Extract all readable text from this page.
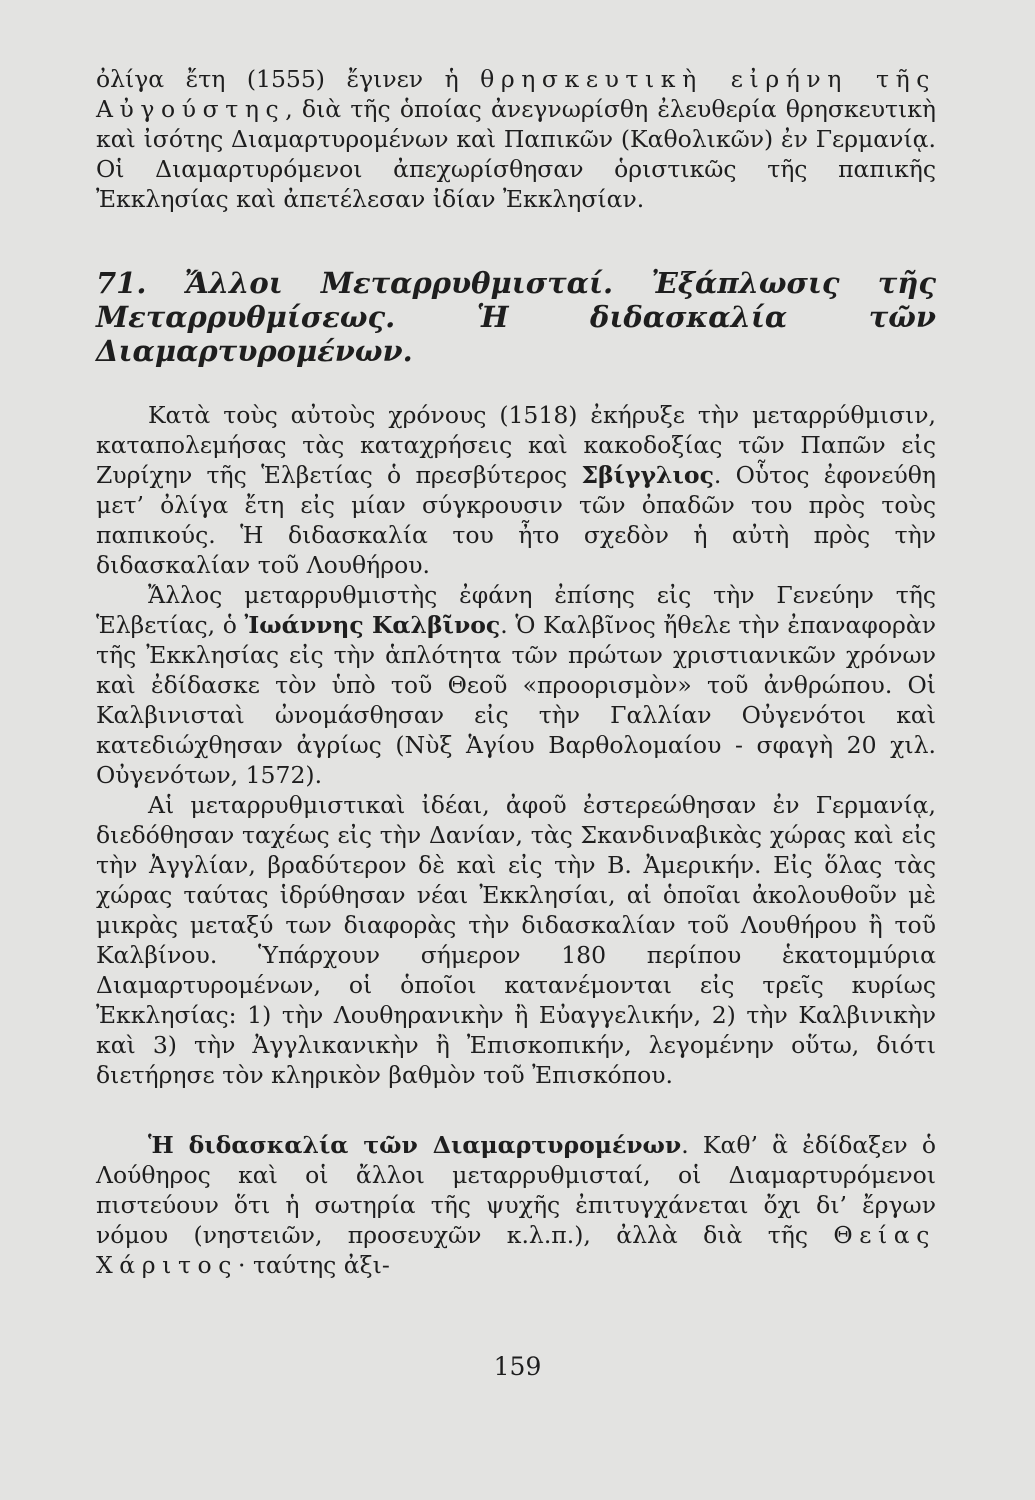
ὀλίγα ἔτη (1555) ἔγινεν ἡ θρησκευτικὴ εἰρήνη τῆς Αὐγούστης, διὰ τῆς ὁποίας ἀνεγνωρίσθη ἐλευθερία θρησκευτικὴ καὶ ἰσότης Διαμαρτυρομένων καὶ Παπικῶν (Καθολικῶν) ἐν Γερμανίᾳ. Οἱ Διαμαρτυρόμενοι ἀπεχωρίσθησαν ὁριστικῶς τῆς παπικῆς Ἐκκλησίας καὶ ἀπετέλεσαν ἰδίαν Ἐκκλησίαν.

71. Ἄλλοι Μεταρρυθμισταί. Ἐξάπλωσις τῆς Μεταρρυθμίσεως. Ἡ διδασκαλία τῶν Διαμαρτυρομένων.

Κατὰ τοὺς αὐτοὺς χρόνους (1518) ἐκήρυξε τὴν μεταρρύθμισιν, καταπολεμήσας τὰς καταχρήσεις καὶ κακοδοξίας τῶν Παπῶν εἰς Ζυρίχην τῆς Ἑλβετίας ὁ πρεσβύτερος Σβίγγλιος. Οὗτος ἐφονεύθη μετ’ ὀλίγα ἔτη εἰς μίαν σύγκρουσιν τῶν ὀπαδῶν του πρὸς τοὺς παπικούς. Ἡ διδασκαλία του ἦτο σχεδὸν ἡ αὐτὴ πρὸς τὴν διδασκαλίαν τοῦ Λουθήρου.

Ἄλλος μεταρρυθμιστὴς ἐφάνη ἐπίσης εἰς τὴν Γενεύην τῆς Ἑλβετίας, ὁ Ἰωάννης Καλβῖνος. Ὁ Καλβῖνος ἤθελε τὴν ἐπαναφορὰν τῆς Ἐκκλησίας εἰς τὴν ἁπλότητα τῶν πρώτων χριστιανικῶν χρόνων καὶ ἐδίδασκε τὸν ὑπὸ τοῦ Θεοῦ «προορισμὸν» τοῦ ἀνθρώπου. Οἱ Καλβινισταὶ ὠνομάσθησαν εἰς τὴν Γαλλίαν Οὐγενότοι καὶ κατεδιώχθησαν ἀγρίως (Νὺξ Ἁγίου Βαρθολομαίου - σφαγὴ 20 χιλ. Οὐγενότων, 1572).

Αἱ μεταρρυθμιστικαὶ ἰδέαι, ἀφοῦ ἐστερεώθησαν ἐν Γερμανίᾳ, διεδόθησαν ταχέως εἰς τὴν Δανίαν, τὰς Σκανδιναβικὰς χώρας καὶ εἰς τὴν Ἀγγλίαν, βραδύτερον δὲ καὶ εἰς τὴν Β. Ἀμερικήν. Εἰς ὅλας τὰς χώρας ταύτας ἱδρύθησαν νέαι Ἐκκλησίαι, αἱ ὁποῖαι ἀκολουθοῦν μὲ μικρὰς μεταξύ των διαφορὰς τὴν διδασκαλίαν τοῦ Λουθήρου ἢ τοῦ Καλβίνου. Ὑπάρχουν σήμερον 180 περίπου ἑκατομμύρια Διαμαρτυρομένων, οἱ ὁποῖοι κατανέμονται εἰς τρεῖς κυρίως Ἐκκλησίας: 1) τὴν Λουθηρανικὴν ἢ Εὐαγγελικήν, 2) τὴν Καλβινικὴν καὶ 3) τὴν Ἀγγλικανικὴν ἢ Ἐπισκοπικήν, λεγομένην οὕτω, διότι διετήρησε τὸν κληρικὸν βαθμὸν τοῦ Ἐπισκόπου.

Ἡ διδασκαλία τῶν Διαμαρτυρομένων. Καθ’ ἃ ἐδίδαξεν ὁ Λούθηρος καὶ οἱ ἄλλοι μεταρρυθμισταί, οἱ Διαμαρτυρόμενοι πιστεύουν ὅτι ἡ σωτηρία τῆς ψυχῆς ἐπιτυγχάνεται ὄχι δι’ ἔργων νόμου (νηστειῶν, προσευχῶν κ.λ.π.), ἀλλὰ διὰ τῆς Θείας Χάριτος· ταύτης ἀξι-

159
